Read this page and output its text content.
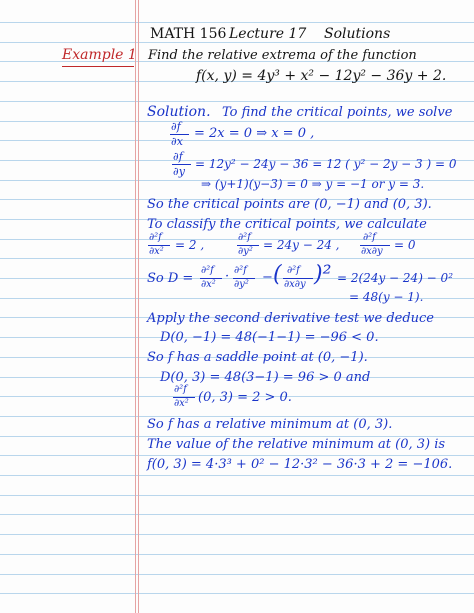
MATH 156 Lecture 17 Solutions
Example 1 Find the relative extrema of the function
f(x, y) = 4y³ + x² − 12y² − 36y + 2.
Solution. To find the critical points, we solve
∂f
∂x
= 2x = 0 ⇒ x = 0 ,
∂f
∂y
= 12y² − 24y − 36 = 12 ( y² − 2y − 3 ) = 0
⇒ (y+1)(y−3) = 0 ⇒ y = −1 or y = 3.
So the critical points are (0, −1) and (0, 3).
To classify the critical points, we calculate
∂²f
∂x² = 2 ,
∂²f
∂y² = 24y − 24 ,
∂²f
∂x∂y = 0
So D =
∂²f
∂x²
· ∂²f
∂y² − ( ∂²f
∂x∂y )² = 2(24y − 24) − 0²
= 48(y − 1).
Apply the second derivative test we deduce
D(0, −1) = 48(−1−1) = −96 < 0.
So f has a saddle point at (0, −1).
D(0, 3) = 48(3−1) = 96 > 0 and
∂²f
∂x² (0, 3) = 2 > 0.
So f has a relative minimum at (0, 3).
The value of the relative minimum at (0, 3) is
f(0, 3) = 4·3³ + 0² − 12·3² − 36·3 + 2 = −106.
